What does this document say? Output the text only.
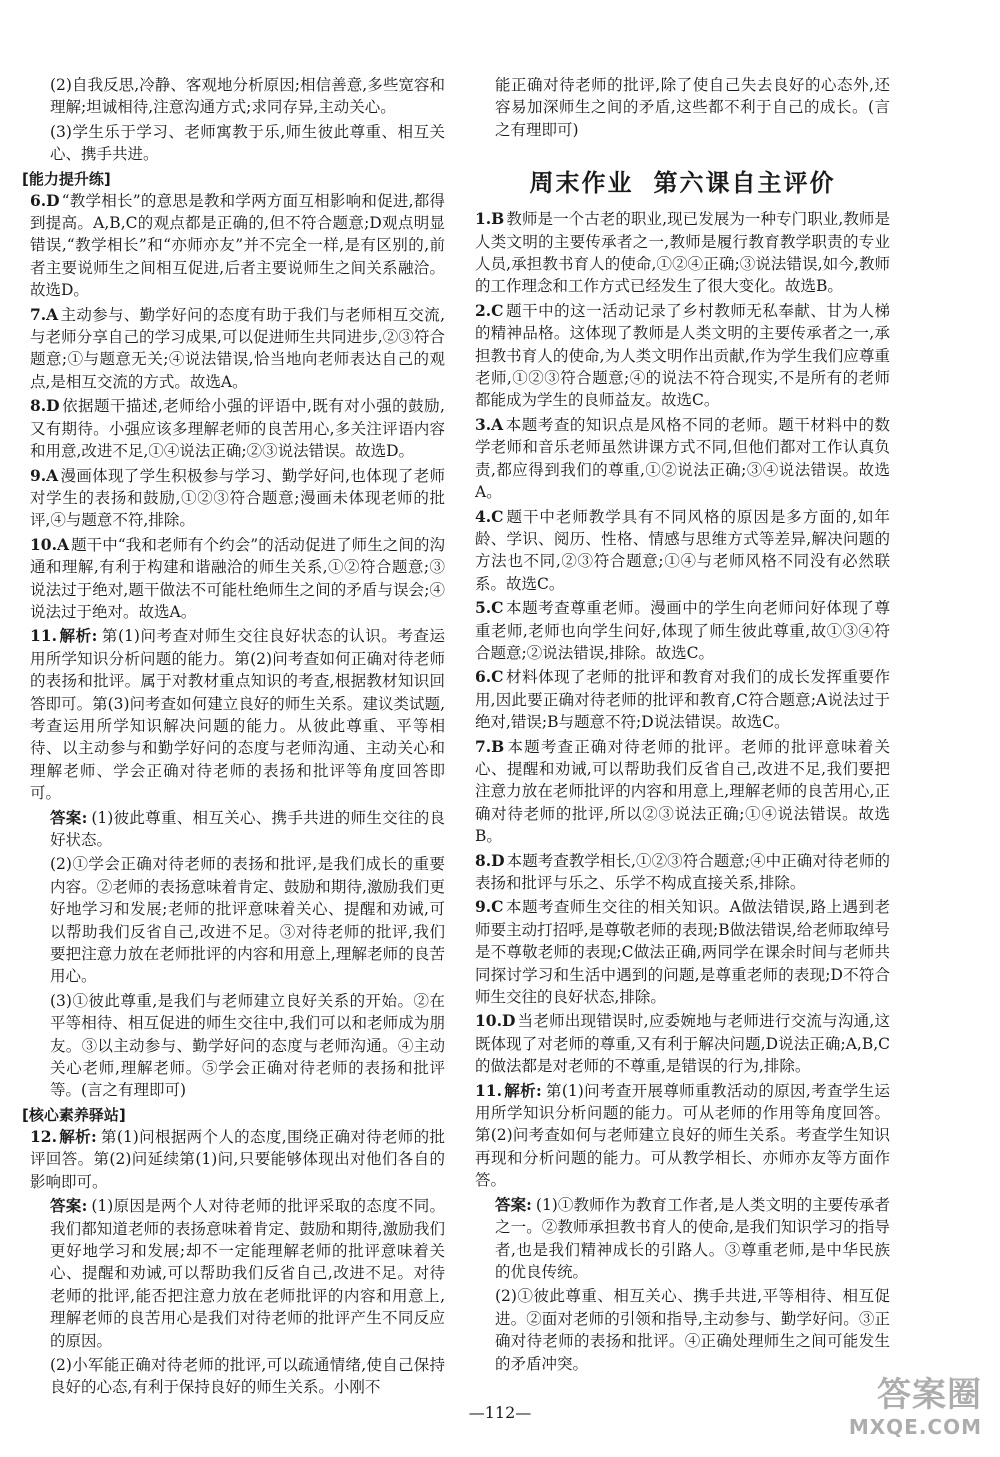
(2)自我反思,冷静、客观地分析原因;相信善意,多些宽容和理解;坦诚相待,注意沟通方式;求同存异,主动关心。

(3)学生乐于学习、老师寓教于乐,师生彼此尊重、相互关心、携手共进。

[能力提升练]

6.D “教学相长”的意思是教和学两方面互相影响和促进,都得到提高。A,B,C的观点都是正确的,但不符合题意;D观点明显错误,“教学相长”和“亦师亦友”并不完全一样,是有区别的,前者主要说师生之间相互促进,后者主要说师生之间关系融洽。故选D。

7.A 主动参与、勤学好问的态度有助于我们与老师相互交流,与老师分享自己的学习成果,可以促进师生共同进步,②③符合题意;①与题意无关;④说法错误,恰当地向老师表达自己的观点,是相互交流的方式。故选A。

8.D 依据题干描述,老师给小强的评语中,既有对小强的鼓励,又有期待。小强应该多理解老师的良苦用心,多关注评语内容和用意,改进不足,①④说法正确;②③说法错误。故选D。

9.A 漫画体现了学生积极参与学习、勤学好问,也体现了老师对学生的表扬和鼓励,①②③符合题意;漫画未体现老师的批评,④与题意不符,排除。

10.A 题干中“我和老师有个约会”的活动促进了师生之间的沟通和理解,有利于构建和谐融洽的师生关系,①②符合题意;③说法过于绝对,题干做法不可能杜绝师生之间的矛盾与误会;④说法过于绝对。故选A。

11. 解析: 第(1)问考查对师生交往良好状态的认识。考查运用所学知识分析问题的能力。第(2)问考查如何正确对待老师的表扬和批评。属于对教材重点知识的考查,根据教材知识回答即可。第(3)问考查如何建立良好的师生关系。建议类试题,考查运用所学知识解决问题的能力。从彼此尊重、平等相待、以主动参与和勤学好问的态度与老师沟通、主动关心和理解老师、学会正确对待老师的表扬和批评等角度回答即可。

答案: (1)彼此尊重、相互关心、携手共进的师生交往的良好状态。

(2)①学会正确对待老师的表扬和批评,是我们成长的重要内容。②老师的表扬意味着肯定、鼓励和期待,激励我们更好地学习和发展;老师的批评意味着关心、提醒和劝诫,可以帮助我们反省自己,改进不足。③对待老师的批评,我们要把注意力放在老师批评的内容和用意上,理解老师的良苦用心。

(3)①彼此尊重,是我们与老师建立良好关系的开始。②在平等相待、相互促进的师生交往中,我们可以和老师成为朋友。③以主动参与、勤学好问的态度与老师沟通。④主动关心老师,理解老师。⑤学会正确对待老师的表扬和批评等。(言之有理即可)

[核心素养驿站]

12. 解析: 第(1)问根据两个人的态度,围绕正确对待老师的批评回答。第(2)问延续第(1)问,只要能够体现出对他们各自的影响即可。

答案: (1)原因是两个人对待老师的批评采取的态度不同。我们都知道老师的表扬意味着肯定、鼓励和期待,激励我们更好地学习和发展;却不一定能理解老师的批评意味着关心、提醒和劝诫,可以帮助我们反省自己,改进不足。对待老师的批评,能否把注意力放在老师批评的内容和用意上,理解老师的良苦用心是我们对待老师的批评产生不同反应的原因。

(2)小军能正确对待老师的批评,可以疏通情绪,使自己保持良好的心态,有利于保持良好的师生关系。小刚不

能正确对待老师的批评,除了使自己失去良好的心态外,还容易加深师生之间的矛盾,这些都不利于自己的成长。(言之有理即可)

周末作业 第六课自主评价

1.B 教师是一个古老的职业,现已发展为一种专门职业,教师是人类文明的主要传承者之一,教师是履行教育教学职责的专业人员,承担教书育人的使命,①②④正确;③说法错误,如今,教师的工作理念和工作方式已经发生了很大变化。故选B。

2.C 题干中的这一活动记录了乡村教师无私奉献、甘为人梯的精神品格。这体现了教师是人类文明的主要传承者之一,承担教书育人的使命,为人类文明作出贡献,作为学生我们应尊重老师,①②③符合题意;④的说法不符合现实,不是所有的老师都能成为学生的良师益友。故选C。

3.A 本题考查的知识点是风格不同的老师。题干材料中的数学老师和音乐老师虽然讲课方式不同,但他们都对工作认真负责,都应得到我们的尊重,①②说法正确;③④说法错误。故选A。

4.C 题干中老师教学具有不同风格的原因是多方面的,如年龄、学识、阅历、性格、情感与思维方式等差异,解决问题的方法也不同,②③符合题意;①④与老师风格不同没有必然联系。故选C。

5.C 本题考查尊重老师。漫画中的学生向老师问好体现了尊重老师,老师也向学生问好,体现了师生彼此尊重,故①③④符合题意;②说法错误,排除。故选C。

6.C 材料体现了老师的批评和教育对我们的成长发挥重要作用,因此要正确对待老师的批评和教育,C符合题意;A说法过于绝对,错误;B与题意不符;D说法错误。故选C。

7.B 本题考查正确对待老师的批评。老师的批评意味着关心、提醒和劝诫,可以帮助我们反省自己,改进不足,我们要把注意力放在老师批评的内容和用意上,理解老师的良苦用心,正确对待老师的批评,所以②③说法正确;①④说法错误。故选B。

8.D 本题考查教学相长,①②③符合题意;④中正确对待老师的表扬和批评与乐之、乐学不构成直接关系,排除。

9.C 本题考查师生交往的相关知识。A做法错误,路上遇到老师要主动打招呼,是尊敬老师的表现;B做法错误,给老师取绰号是不尊敬老师的表现;C做法正确,两同学在课余时间与老师共同探讨学习和生活中遇到的问题,是尊重老师的表现;D不符合师生交往的良好状态,排除。

10.D 当老师出现错误时,应委婉地与老师进行交流与沟通,这既体现了对老师的尊重,又有利于解决问题,D说法正确;A,B,C的做法都是对老师的不尊重,是错误的行为,排除。

11. 解析: 第(1)问考查开展尊师重教活动的原因,考查学生运用所学知识分析问题的能力。可从老师的作用等角度回答。第(2)问考查如何与老师建立良好的师生关系。考查学生知识再现和分析问题的能力。可从教学相长、亦师亦友等方面作答。

答案: (1)①教师作为教育工作者,是人类文明的主要传承者之一。②教师承担教书育人的使命,是我们知识学习的指导者,也是我们精神成长的引路人。③尊重老师,是中华民族的优良传统。

(2)①彼此尊重、相互关心、携手共进,平等相待、相互促进。②面对老师的引领和指导,主动参与、勤学好问。③正确对待老师的表扬和批评。④正确处理师生之间可能发生的矛盾冲突。

—112—	答案圈
MXQE.COM
